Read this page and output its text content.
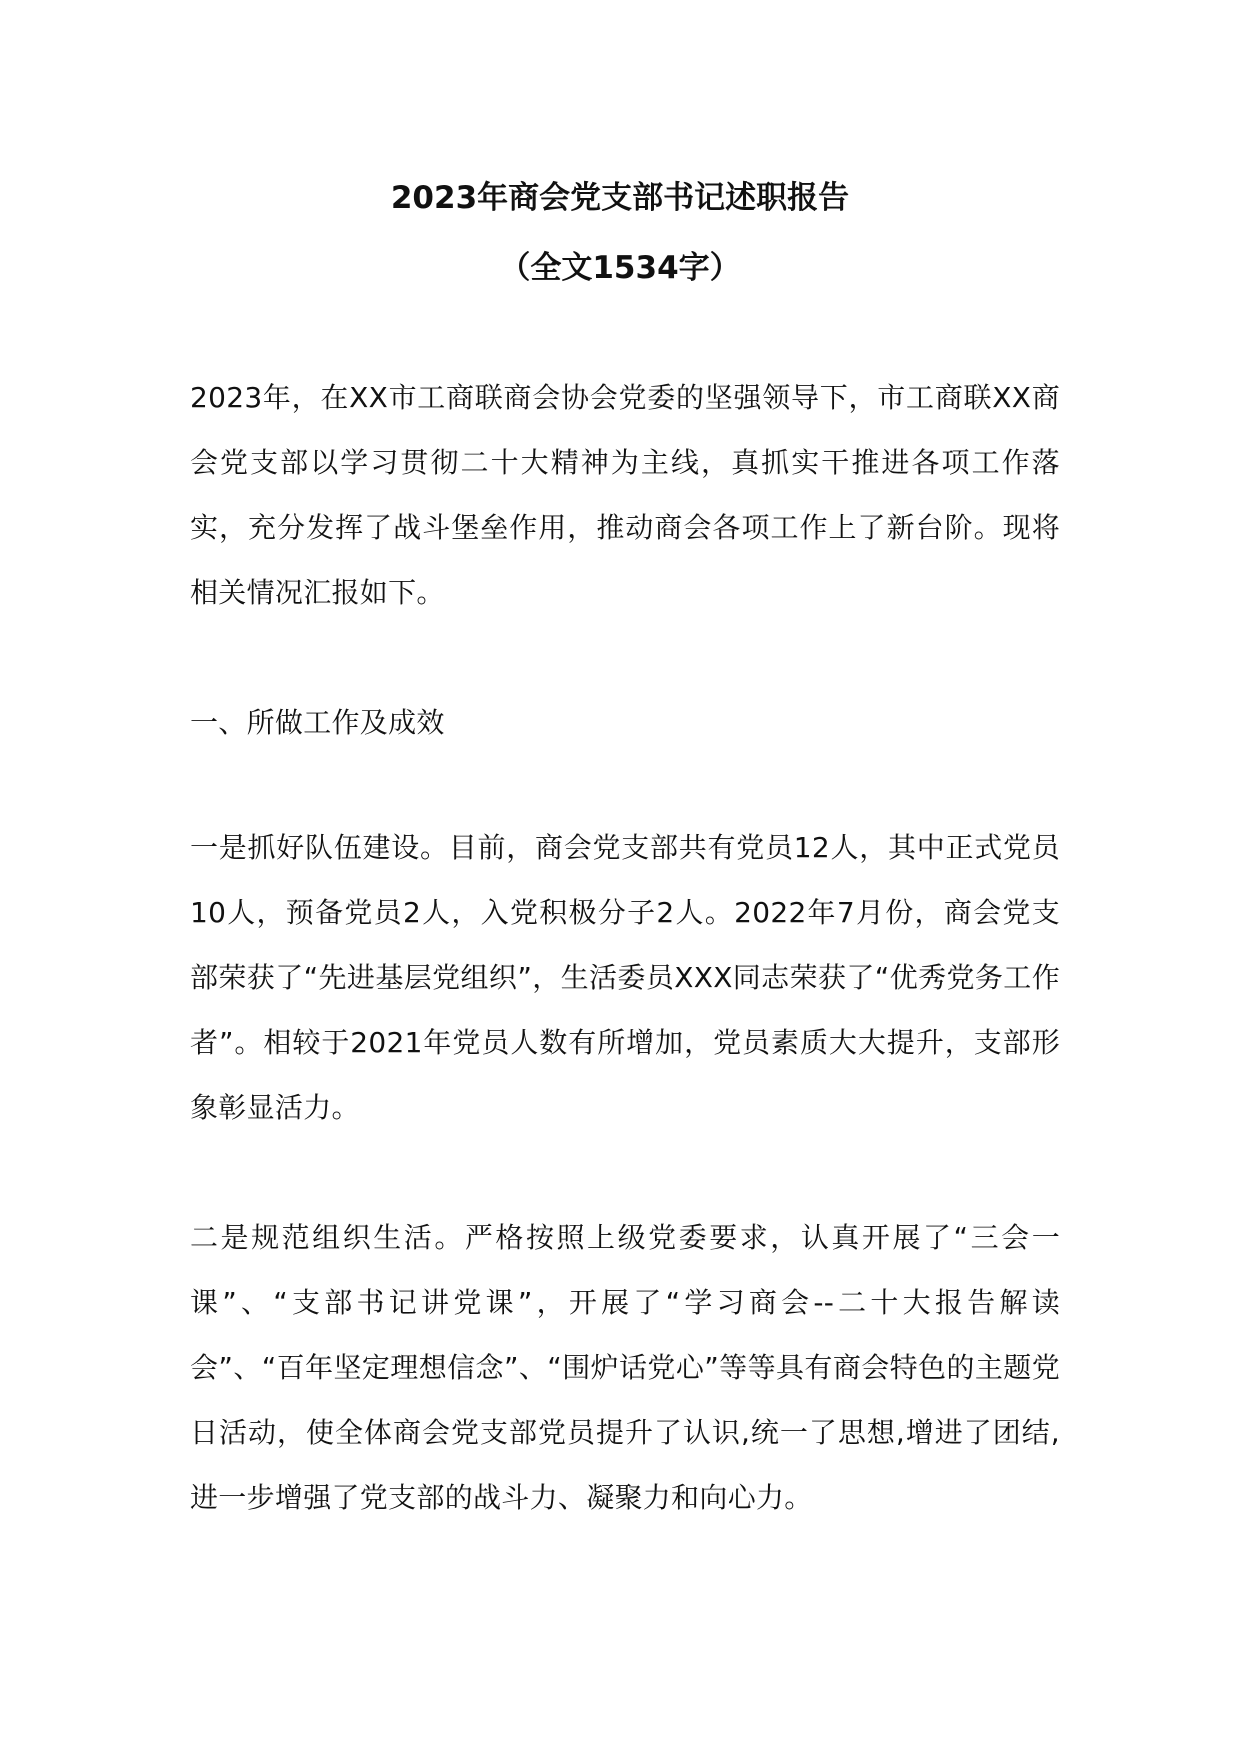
2023年商会党支部书记述职报告
（全文1534字）

2023年，在XX市工商联商会协会党委的坚强领导下，市工商联XX商会党支部以学习贯彻二十大精神为主线，真抓实干推进各项工作落实，充分发挥了战斗堡垒作用，推动商会各项工作上了新台阶。现将相关情况汇报如下。

一、所做工作及成效

一是抓好队伍建设。目前，商会党支部共有党员12人，其中正式党员10人，预备党员2人，入党积极分子2人。2022年7月份，商会党支部荣获了“先进基层党组织”，生活委员XXX同志荣获了“优秀党务工作者”。相较于2021年党员人数有所增加，党员素质大大提升，支部形象彰显活力。

二是规范组织生活。严格按照上级党委要求，认真开展了“三会一课”、“支部书记讲党课”，开展了“学习商会--二十大报告解读会”、“百年坚定理想信念”、“围炉话党心”等等具有商会特色的主题党日活动，使全体商会党支部党员提升了认识,统一了思想,增进了团结,进一步增强了党支部的战斗力、凝聚力和向心力。
